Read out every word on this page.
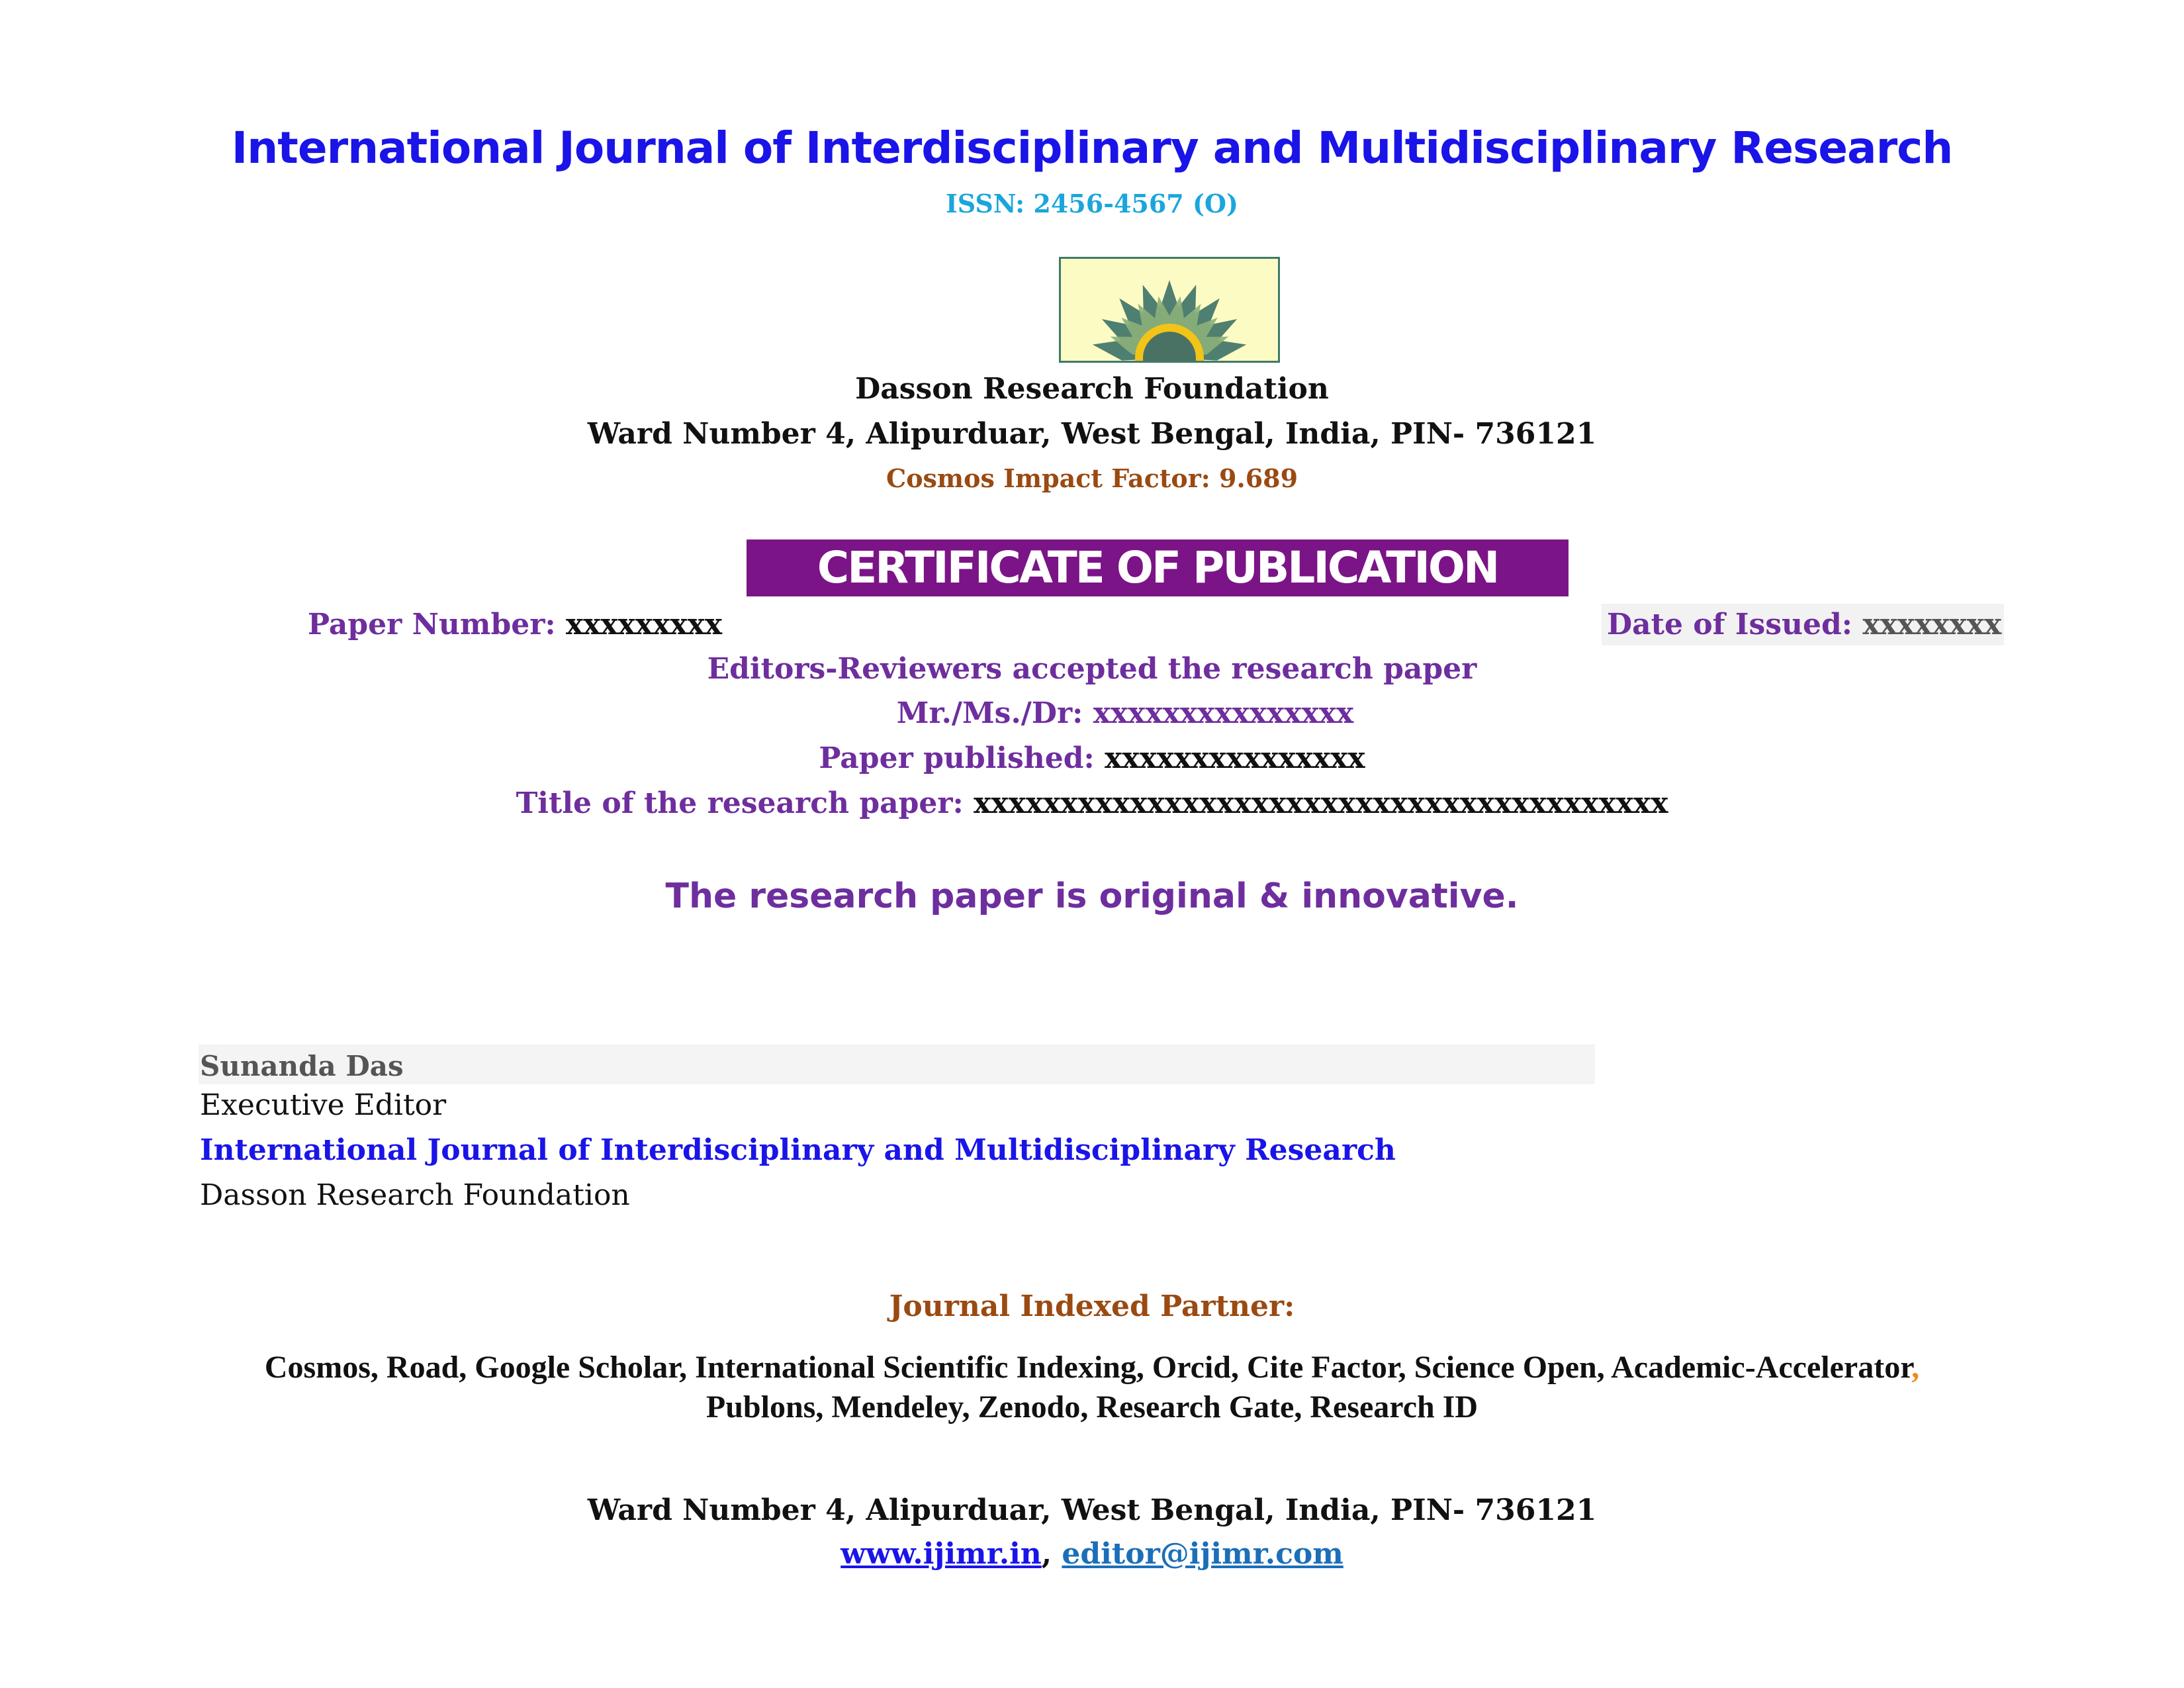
International Journal of Interdisciplinary and Multidisciplinary Research
ISSN: 2456-4567 (O)
Dasson Research Foundation
Ward Number 4, Alipurduar, West Bengal, India, PIN- 736121
Cosmos Impact Factor: 9.689
CERTIFICATE OF PUBLICATION
Paper Number: xxxxxxxxx	Date of Issued: xxxxxxxx
Editors-Reviewers accepted the research paper
Mr./Ms./Dr: xxxxxxxxxxxxxxx
Paper published: xxxxxxxxxxxxxxx
Title of the research paper: xxxxxxxxxxxxxxxxxxxxxxxxxxxxxxxxxxxxxxxx
The research paper is original & innovative.
Sunanda Das
Executive Editor
International Journal of Interdisciplinary and Multidisciplinary Research
Dasson Research Foundation
Journal Indexed Partner:
Cosmos, Road, Google Scholar, International Scientific Indexing, Orcid, Cite Factor, Science Open, Academic-Accelerator,
Publons, Mendeley, Zenodo, Research Gate, Research ID
Ward Number 4, Alipurduar, West Bengal, India, PIN- 736121
www.ijimr.in, editor@ijimr.com
